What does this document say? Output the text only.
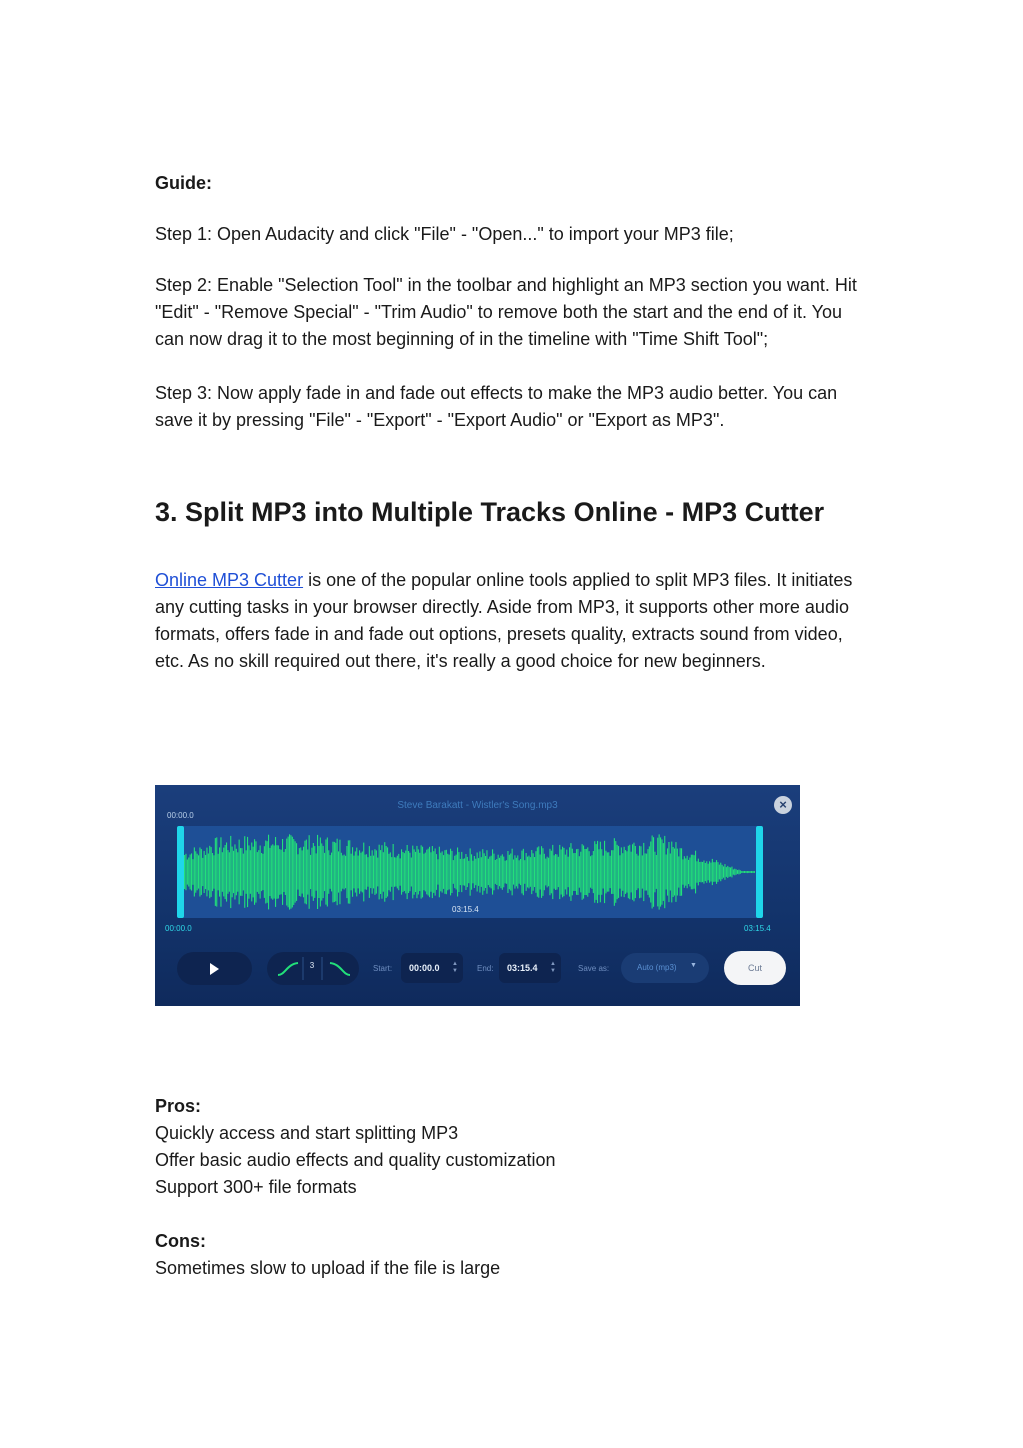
Guide:

Step 1: Open Audacity and click "File" - "Open..." to import your MP3 file;

Step 2: Enable "Selection Tool" in the toolbar and highlight an MP3 section you want. Hit "Edit" - "Remove Special" - "Trim Audio" to remove both the start and the end of it. You can now drag it to the most beginning of in the timeline with "Time Shift Tool";

Step 3: Now apply fade in and fade out effects to make the MP3 audio better. You can save it by pressing "File" - "Export" - "Export Audio" or "Export as MP3".

3. Split MP3 into Multiple Tracks Online - MP3 Cutter

Online MP3 Cutter is one of the popular online tools applied to split MP3 files. It initiates any cutting tasks in your browser directly. Aside from MP3, it supports other more audio formats, offers fade in and fade out options, presets quality, extracts sound from video, etc. As no skill required out there, it's really a good choice for new beginners.

Steve Barakatt - Wistler's Song.mp3	×
00:00.0
03:15.4
00:00.0	03:15.4
3	Start: 00:00.0 ▲
▼ End: 03:15.4 ▲
▼	Save as:	Auto (mp3) ▼	Cut

Pros:

Quickly access and start splitting MP3

Offer basic audio effects and quality customization

Support 300+ file formats

Cons:

Sometimes slow to upload if the file is large
